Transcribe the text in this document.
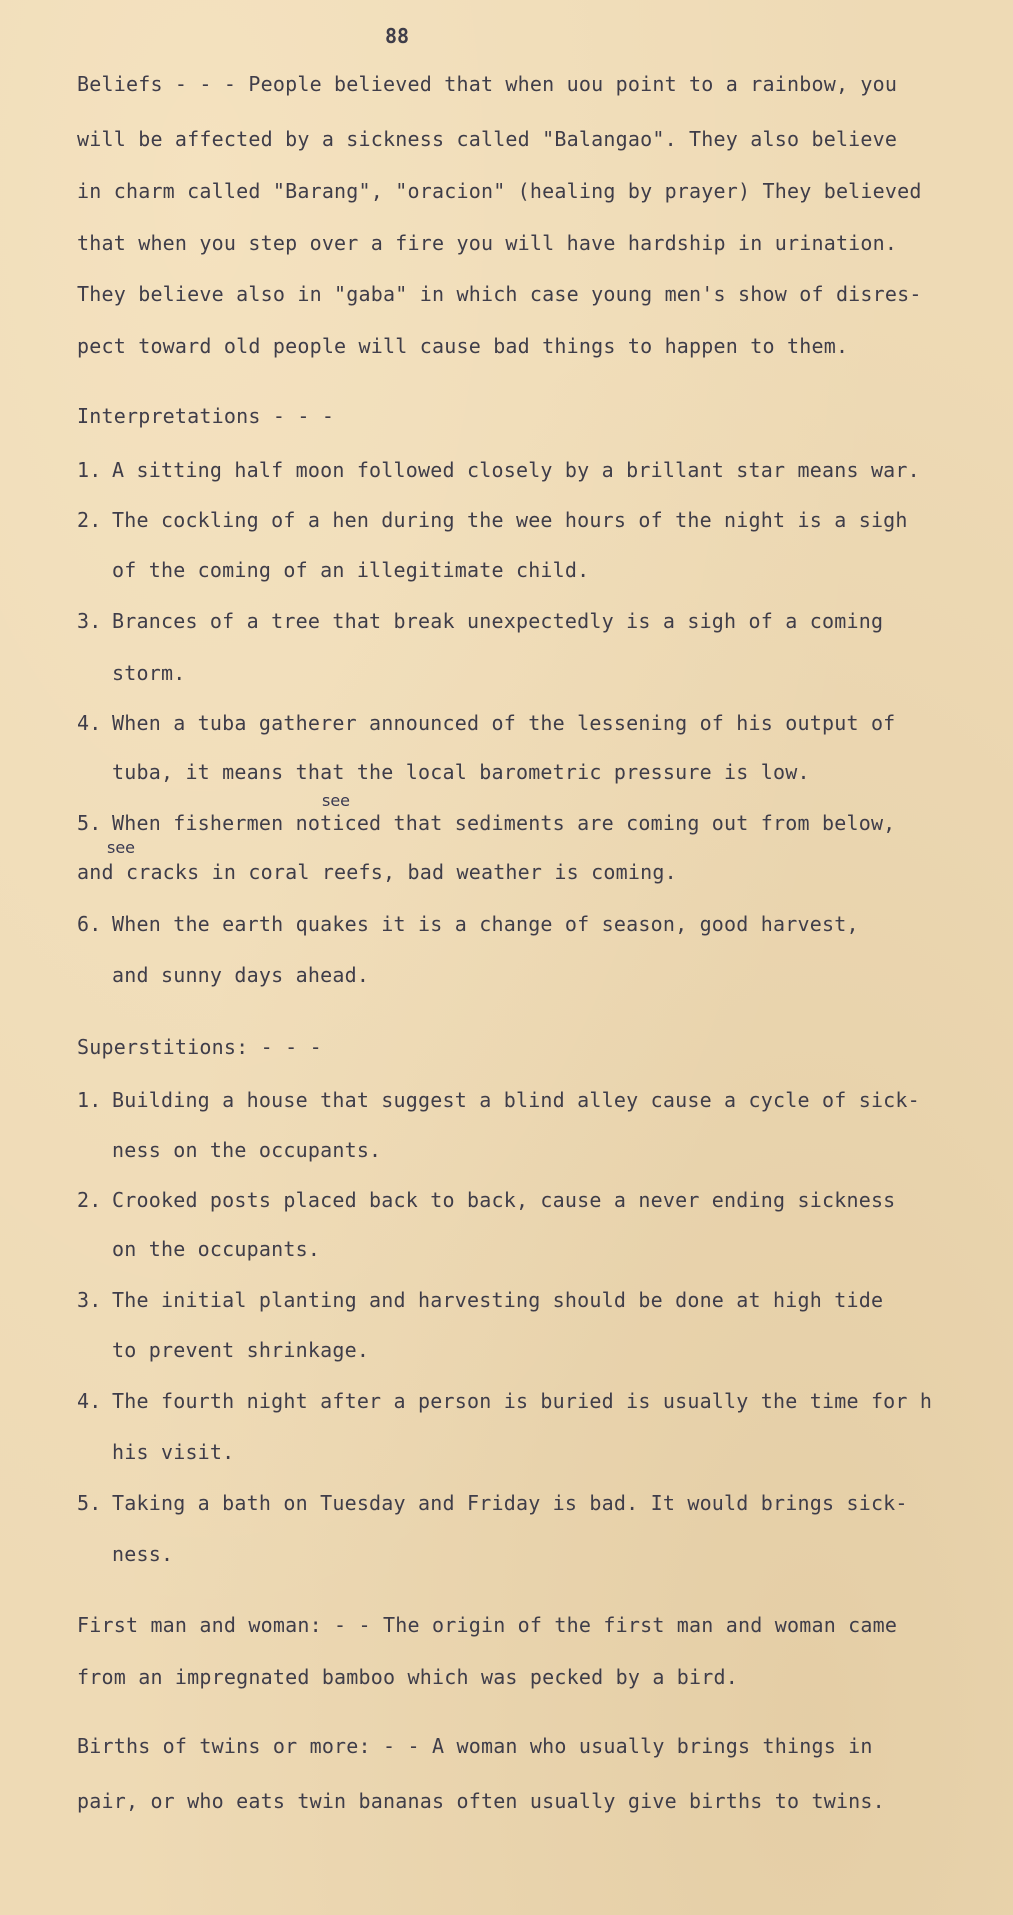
88
Beliefs - - - People believed that when uou point to a rainbow, you
will be affected by a sickness called "Balangao". They also believe
in charm called "Barang", "oracion" (healing by prayer) They believed
that when you step over a fire you will have hardship in urination.
They believe also in "gaba" in which case young men's show of disres-
pect toward old people will cause bad things to happen to them.
Interpretations - - -
1. A sitting half moon followed closely by a brillant star means war.
2. The cockling of a hen during the wee hours of the night is a sigh
of the coming of an illegitimate child.
3. Brances of a tree that break unexpectedly is a sigh of a coming
storm.
4. When a tuba gatherer announced of the lessening of his output of
tuba, it means that the local barometric pressure is low.
see
5. When fishermen noticed that sediments are coming out from below,
see
and cracks in coral reefs, bad weather is coming.
6. When the earth quakes it is a change of season, good harvest,
and sunny days ahead.
Superstitions: - - -
1. Building a house that suggest a blind alley cause a cycle of sick-
ness on the occupants.
2. Crooked posts placed back to back, cause a never ending sickness
on the occupants.
3. The initial planting and harvesting should be done at high tide
to prevent shrinkage.
4. The fourth night after a person is buried is usually the time for h
his visit.
5. Taking a bath on Tuesday and Friday is bad. It would brings sick-
ness.
First man and woman: - - The origin of the first man and woman came
from an impregnated bamboo which was pecked by a bird.
Births of twins or more: - - A woman who usually brings things in
pair, or who eats twin bananas often usually give births to twins.
